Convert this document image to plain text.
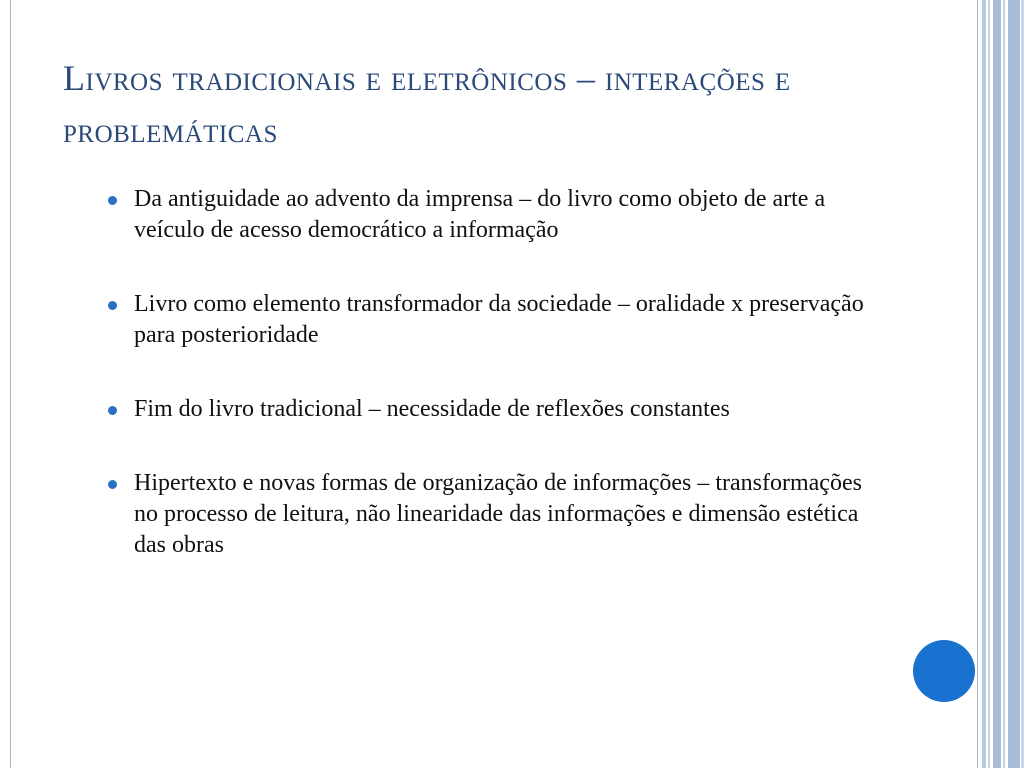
Livros tradicionais e eletrônicos – interações e problemáticas
Da antiguidade ao advento da imprensa – do livro como objeto de arte a veículo de acesso democrático a informação
Livro como elemento transformador da sociedade – oralidade x preservação para posterioridade
Fim do livro tradicional – necessidade de reflexões constantes
Hipertexto e novas formas de organização de informações – transformações no processo de leitura, não linearidade das informações e dimensão estética das obras
